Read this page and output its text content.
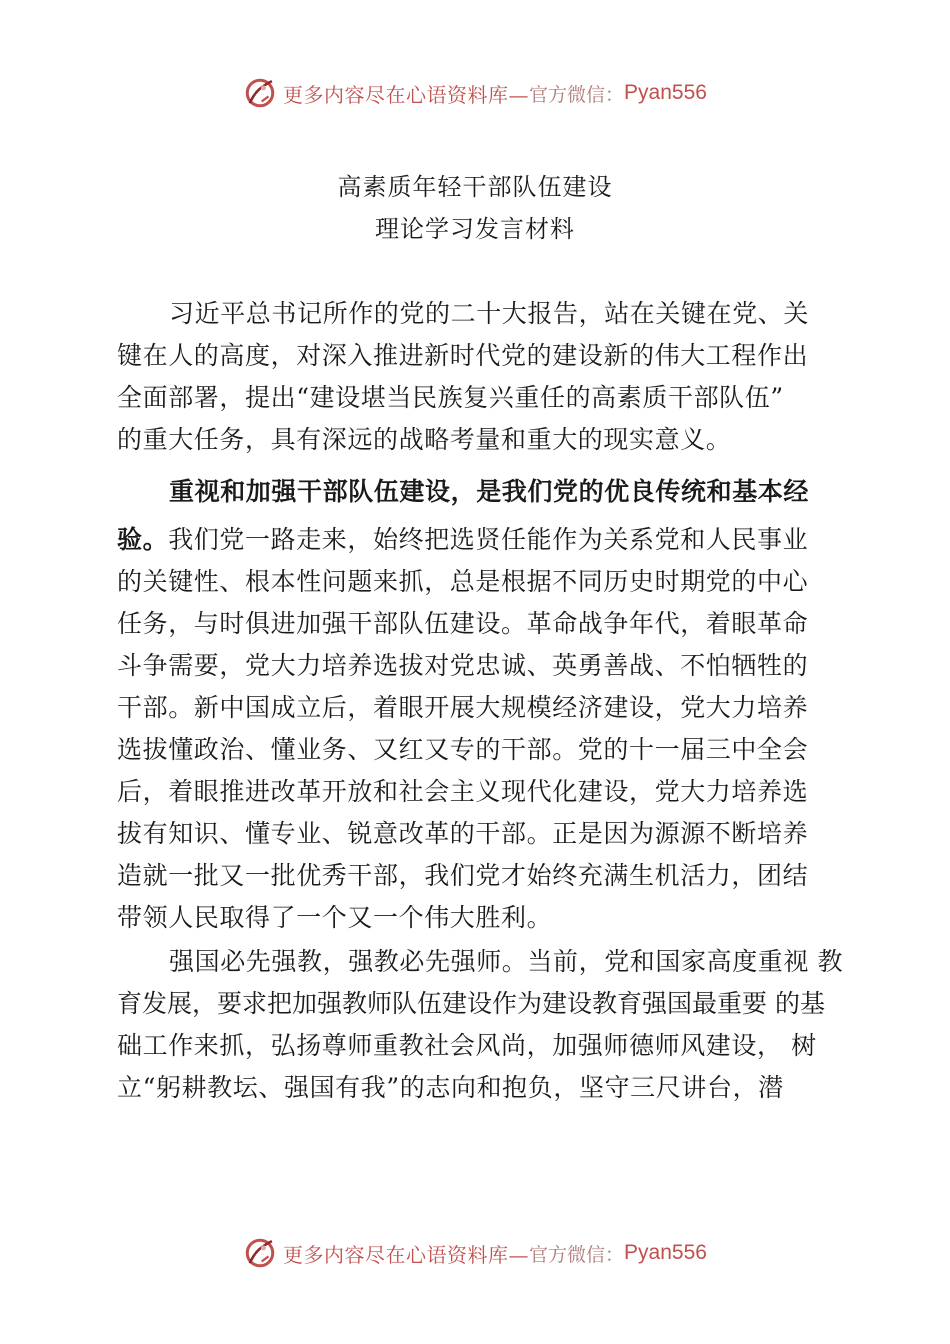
更多内容尽在心语资料库— 官方微信： Pyan556
高素质年轻干部队伍建设
理论学习发言材料
习近平总书记所作的党的二十大报告，站在关键在党、关
键在人的高度，对深入推进新时代党的建设新的伟大工程作出
全面部署，提出“建设堪当民族复兴重任的高素质干部队伍”
的重大任务，具有深远的战略考量和重大的现实意义。
重视和加强干部队伍建设，是我们党的优良传统和基本经
验。我们党一路走来，始终把选贤任能作为关系党和人民事业
的关键性、根本性问题来抓，总是根据不同历史时期党的中心
任务，与时俱进加强干部队伍建设。革命战争年代，着眼革命
斗争需要，党大力培养选拔对党忠诚、英勇善战、不怕牺牲的
干部。新中国成立后，着眼开展大规模经济建设，党大力培养
选拔懂政治、懂业务、又红又专的干部。党的十一届三中全会
后，着眼推进改革开放和社会主义现代化建设，党大力培养选
拔有知识、懂专业、锐意改革的干部。正是因为源源不断培养
造就一批又一批优秀干部，我们党才始终充满生机活力，团结
带领人民取得了一个又一个伟大胜利。
强国必先强教，强教必先强师。当前，党和国家高度重视 教
育发展，要求把加强教师队伍建设作为建设教育强国最重要 的基
础工作来抓，弘扬尊师重教社会风尚，加强师德师风建设， 树
立“躬耕教坛、强国有我”的志向和抱负，坚守三尺讲台，潜
更多内容尽在心语资料库— 官方微信： Pyan556
